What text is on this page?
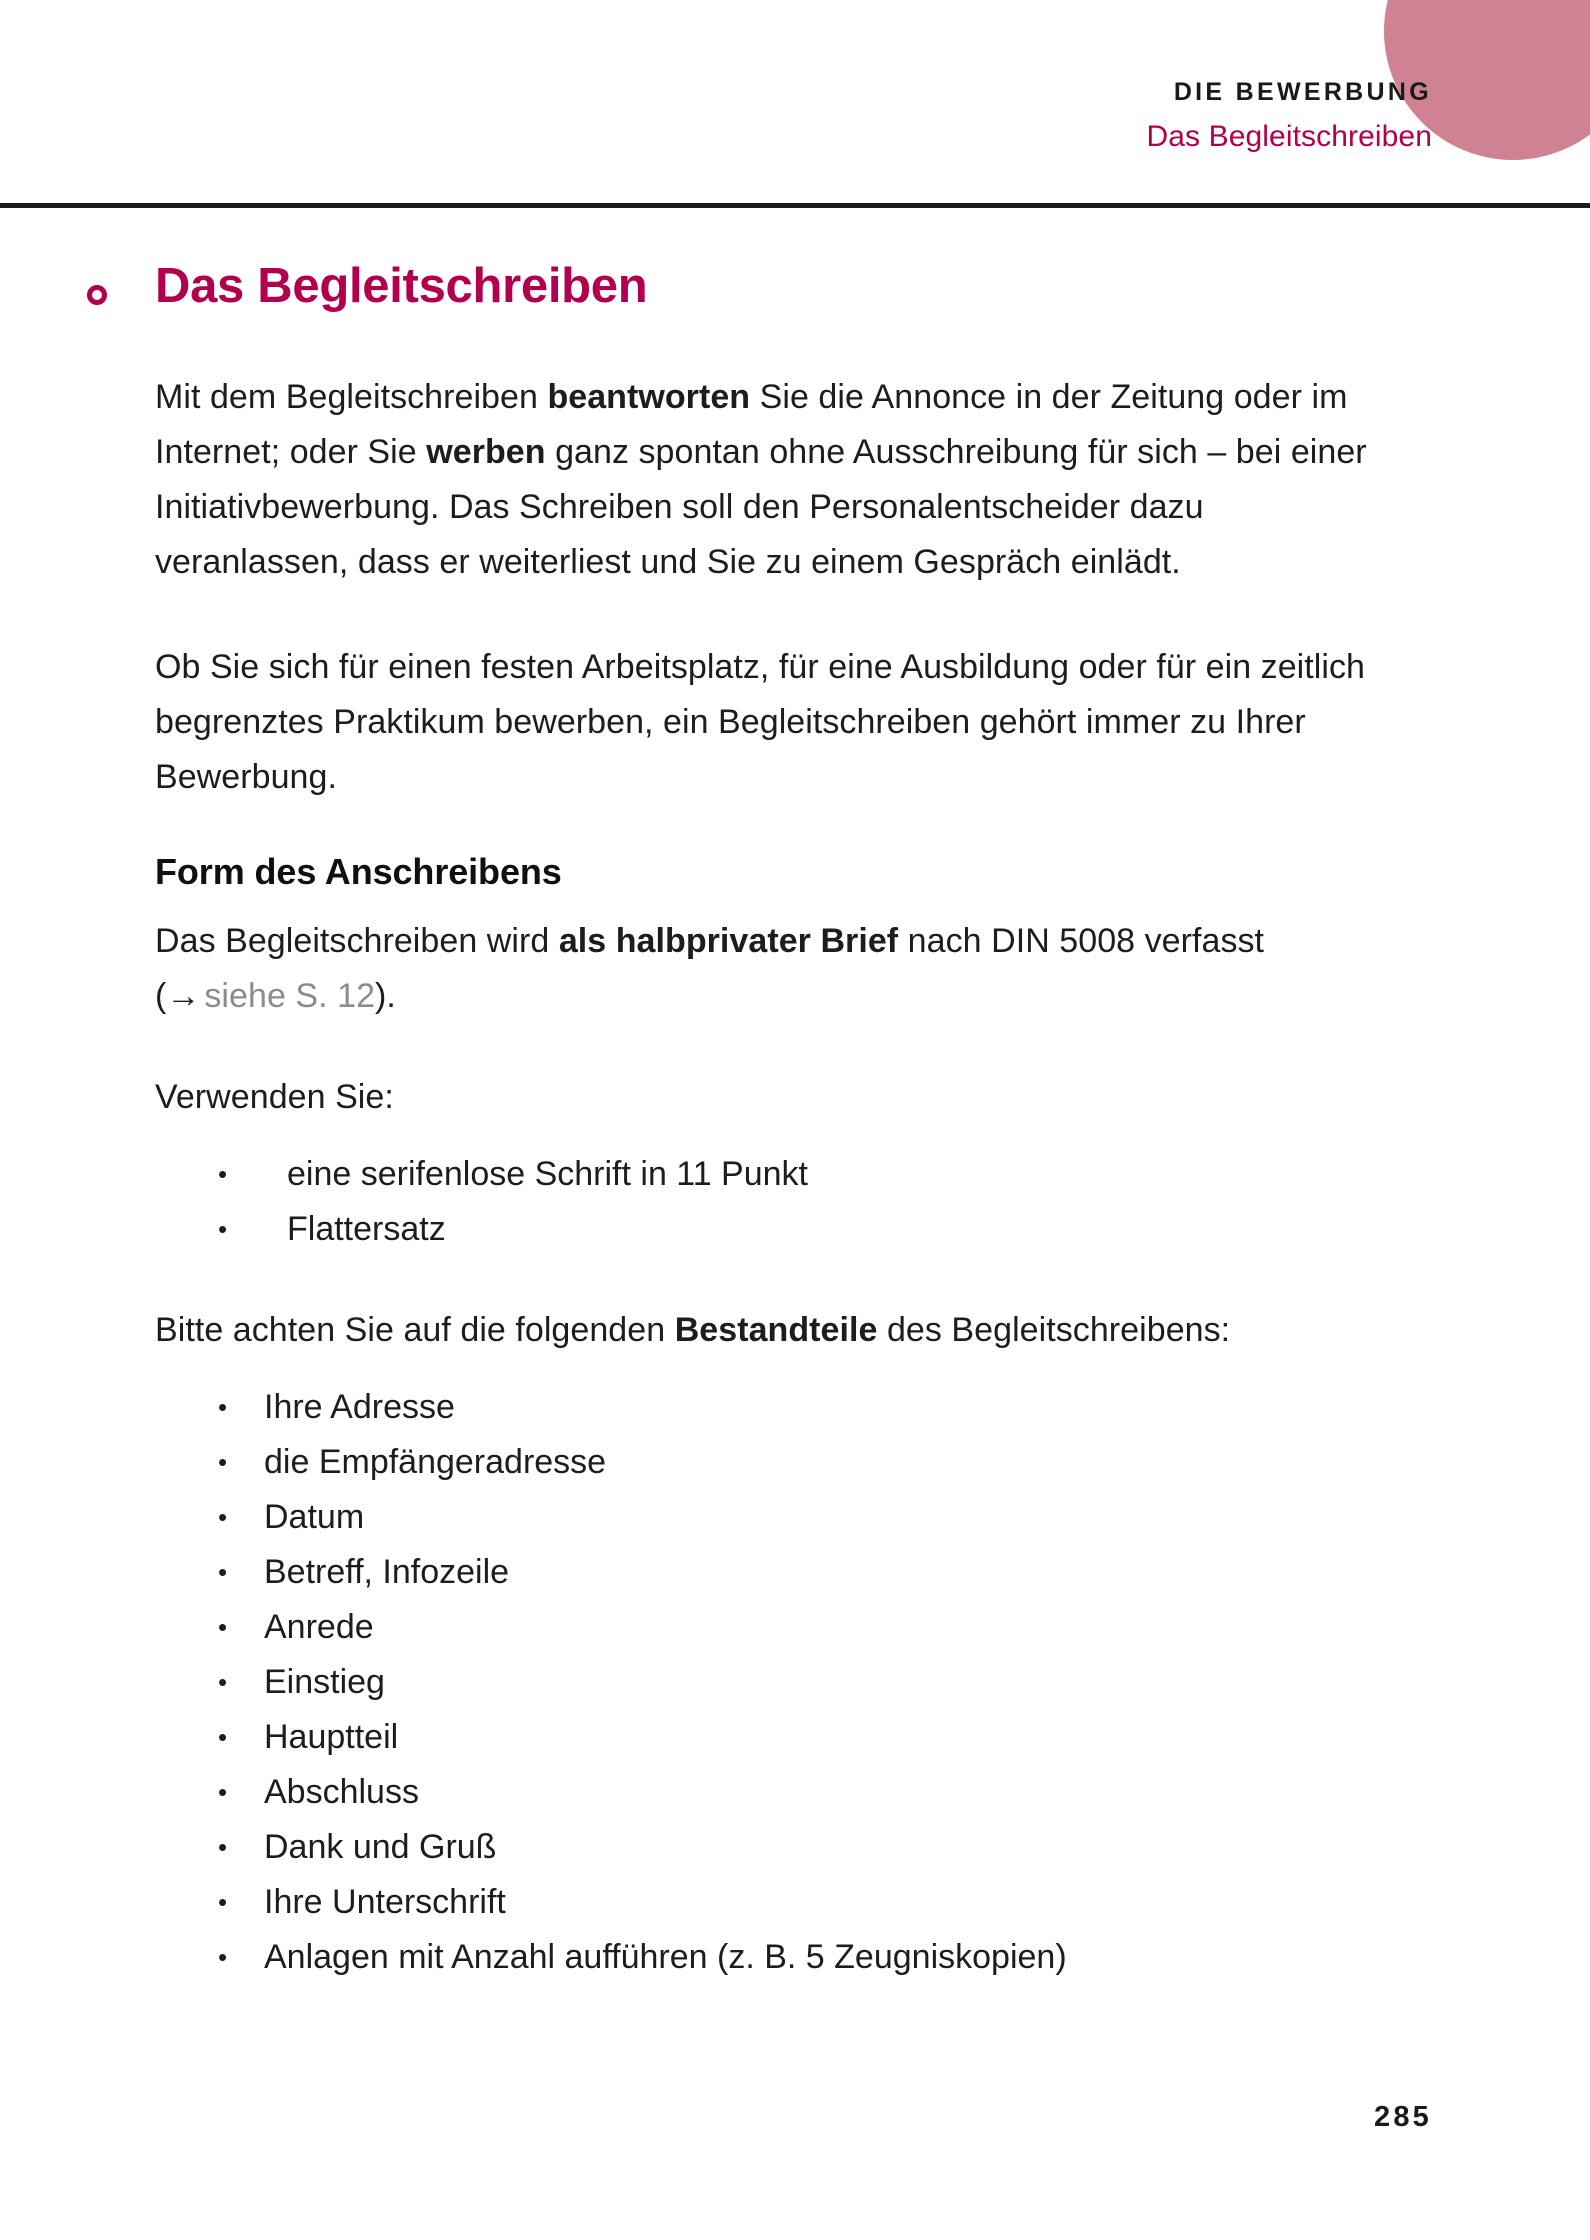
DIE BEWERBUNG
Das Begleitschreiben
Das Begleitschreiben

Mit dem Begleitschreiben beantworten Sie die Annonce in der Zeitung oder im Internet; oder Sie werben ganz spontan ohne Ausschreibung für sich – bei einer Initiativbewerbung. Das Schreiben soll den Personalentscheider dazu veranlassen, dass er weiterliest und Sie zu einem Gespräch einlädt.

Ob Sie sich für einen festen Arbeitsplatz, für eine Ausbildung oder für ein zeitlich begrenztes Praktikum bewerben, ein Begleitschreiben gehört immer zu Ihrer Bewerbung.

Form des Anschreibens

Das Begleitschreiben wird als halbprivater Brief nach DIN 5008 verfasst
(→ siehe S. 12).

Verwenden Sie:

• eine serifenlose Schrift in 11 Punkt
• Flattersatz

Bitte achten Sie auf die folgenden Bestandteile des Begleitschreibens:

• Ihre Adresse
• die Empfängeradresse
• Datum
• Betreff, Infozeile
• Anrede
• Einstieg
• Hauptteil
• Abschluss
• Dank und Gruß
• Ihre Unterschrift
• Anlagen mit Anzahl aufführen (z. B. 5 Zeugniskopien)
285
